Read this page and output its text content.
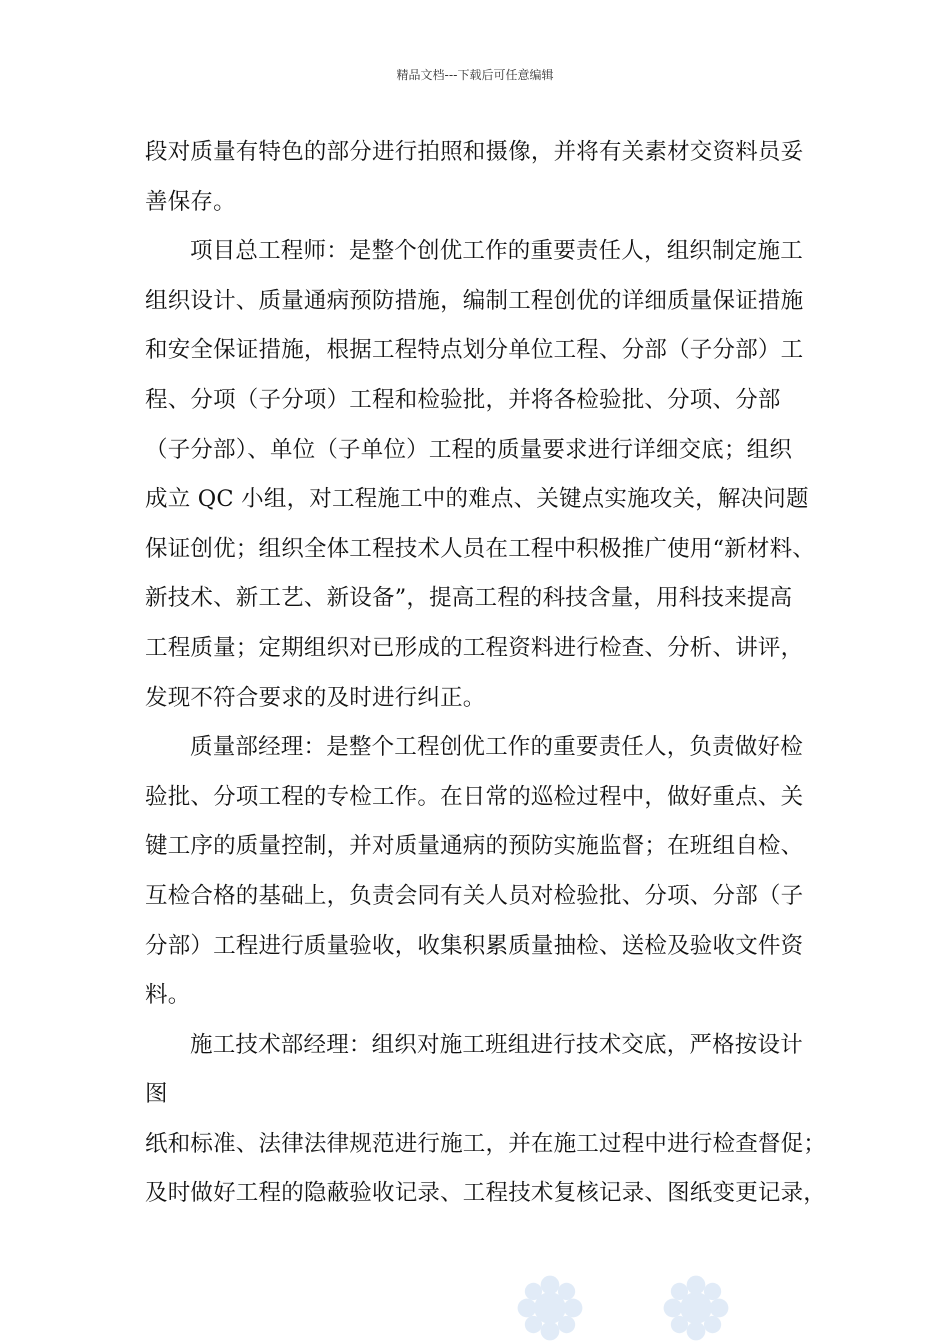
精品文档---下载后可任意编辑
段对质量有特色的部分进行拍照和摄像，并将有关素材交资料员妥
善保存。
项目总工程师：是整个创优工作的重要责任人，组织制定施工
组织设计、质量通病预防措施，编制工程创优的详细质量保证措施
和安全保证措施，根据工程特点划分单位工程、分部（子分部）工
程、分项（子分项）工程和检验批，并将各检验批、分项、分部
（子分部）、单位（子单位）工程的质量要求进行详细交底；组织
成立 QC 小组，对工程施工中的难点、关键点实施攻关，解决问题
保证创优；组织全体工程技术人员在工程中积极推广使用“新材料、
新技术、新工艺、新设备”，提高工程的科技含量，用科技来提高
工程质量；定期组织对已形成的工程资料进行检查、分析、讲评，
发现不符合要求的及时进行纠正。
质量部经理：是整个工程创优工作的重要责任人，负责做好检
验批、分项工程的专检工作。在日常的巡检过程中，做好重点、关
键工序的质量控制，并对质量通病的预防实施监督；在班组自检、
互检合格的基础上，负责会同有关人员对检验批、分项、分部（子
分部）工程进行质量验收，收集积累质量抽检、送检及验收文件资
料。
施工技术部经理：组织对施工班组进行技术交底，严格按设计
图
纸和标准、法律法律规范进行施工，并在施工过程中进行检查督促；
及时做好工程的隐蔽验收记录、工程技术复核记录、图纸变更记录，
